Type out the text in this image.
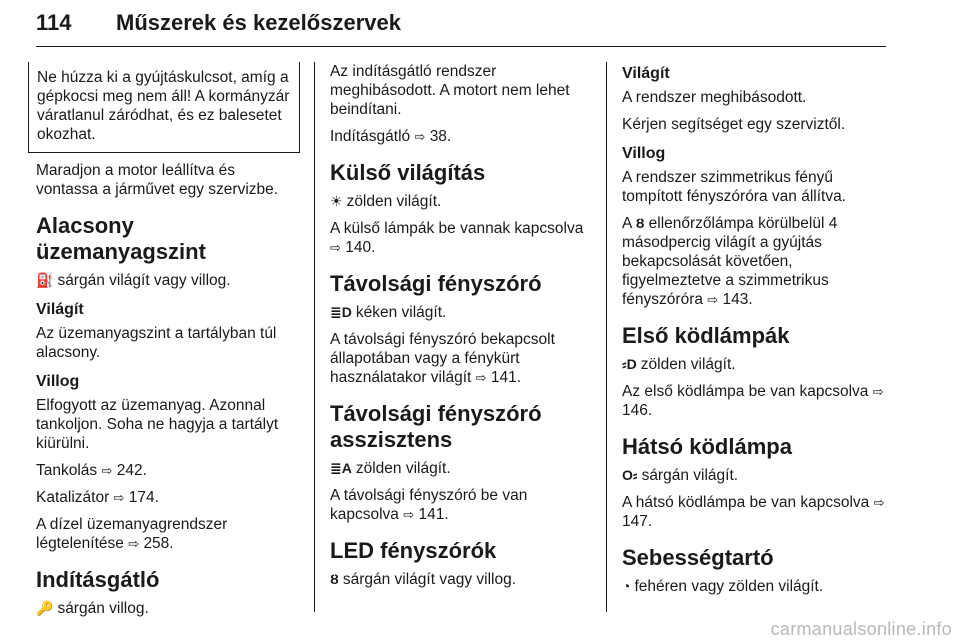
114 Műszerek és kezelőszervek
Ne húzza ki a gyújtáskulcsot, amíg a gépkocsi meg nem áll! A kormányzár váratlanul záródhat, és ez balesetet okozhat.

Maradjon a motor leállítva és vontassa a járművet egy szervizbe.

Alacsony üzemanyagszint

⛽ sárgán világít vagy villog.

Világít

Az üzemanyagszint a tartályban túl alacsony.

Villog

Elfogyott az üzemanyag. Azonnal tankoljon. Soha ne hagyja a tartályt kiürülni.

Tankolás ⇨ 242.

Katalizátor ⇨ 174.

A dízel üzemanyagrendszer légtelenítése ⇨ 258.

Indításgátló

🔑 sárgán villog.

Az indításgátló rendszer meghibásodott. A motort nem lehet beindítani.

Indításgátló ⇨ 38.

Külső világítás

☀ zölden világít.

A külső lámpák be vannak kapcsolva ⇨ 140.

Távolsági fényszóró

≣D kéken világít.

A távolsági fényszóró bekapcsolt állapotában vagy a fénykürt használatakor világít ⇨ 141.

Távolsági fényszóró asszisztens

≣A zölden világít.

A távolsági fényszóró be van kapcsolva ⇨ 141.

LED fényszórók

Ȣ sárgán világít vagy villog.

Világít

A rendszer meghibásodott.

Kérjen segítséget egy szerviztől.

Villog

A rendszer szimmetrikus fényű tompított fényszóróra van állítva.

A Ȣ ellenőrzőlámpa körülbelül 4 másodpercig világít a gyújtás bekapcsolását követően, figyelmeztetve a szimmetrikus fényszóróra ⇨ 143.

Első ködlámpák

⸗D zölden világít.

Az első ködlámpa be van kapcsolva ⇨ 146.

Hátsó ködlámpa

O⸗ sárgán világít.

A hátsó ködlámpa be van kapcsolva ⇨ 147.

Sebességtartó

◔ fehéren vagy zölden világít.

carmanualsonline.info
